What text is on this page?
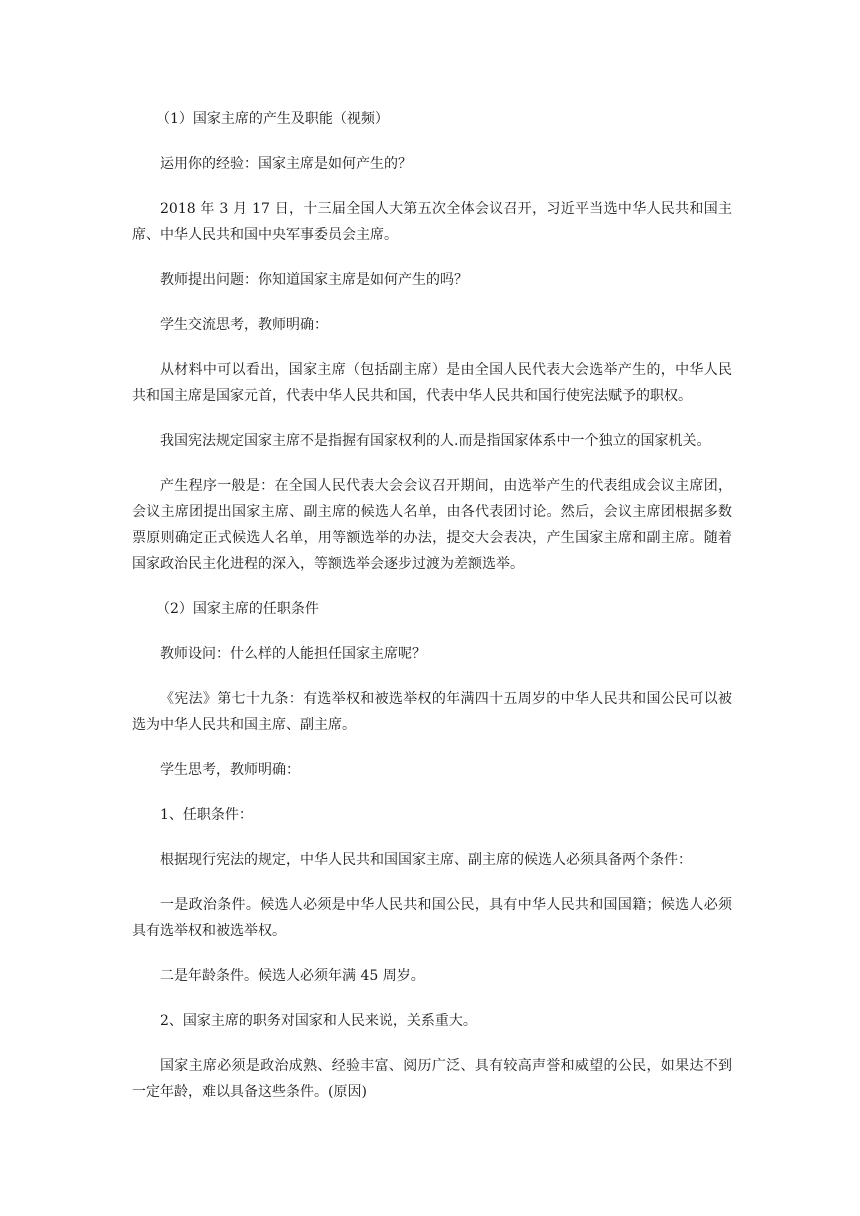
（1）国家主席的产生及职能（视频）

运用你的经验：国家主席是如何产生的？

2018 年 3 月 17 日，十三届全国人大第五次全体会议召开，习近平当选中华人民共和国主席、中华人民共和国中央军事委员会主席。

教师提出问题：你知道国家主席是如何产生的吗？

学生交流思考，教师明确：

从材料中可以看出，国家主席（包括副主席）是由全国人民代表大会选举产生的，中华人民共和国主席是国家元首，代表中华人民共和国，代表中华人民共和国行使宪法赋予的职权。

我国宪法规定国家主席不是指握有国家权利的人.而是指国家体系中一个独立的国家机关。

产生程序一般是：在全国人民代表大会会议召开期间，由选举产生的代表组成会议主席团，会议主席团提出国家主席、副主席的候选人名单，由各代表团讨论。然后，会议主席团根据多数票原则确定正式候选人名单，用等额选举的办法，提交大会表决，产生国家主席和副主席。随着国家政治民主化进程的深入，等额选举会逐步过渡为差额选举。

（2）国家主席的任职条件

教师设问：什么样的人能担任国家主席呢？

《宪法》第七十九条：有选举权和被选举权的年满四十五周岁的中华人民共和国公民可以被选为中华人民共和国主席、副主席。

学生思考，教师明确：

1、任职条件：

根据现行宪法的规定，中华人民共和国国家主席、副主席的候选人必须具备两个条件：

一是政治条件。候选人必须是中华人民共和国公民，具有中华人民共和国国籍；候选人必须具有选举权和被选举权。

二是年龄条件。候选人必须年满 45 周岁。

2、国家主席的职务对国家和人民来说，关系重大。

国家主席必须是政治成熟、经验丰富、阅历广泛、具有较高声誉和威望的公民，如果达不到一定年龄，难以具备这些条件。(原因)
